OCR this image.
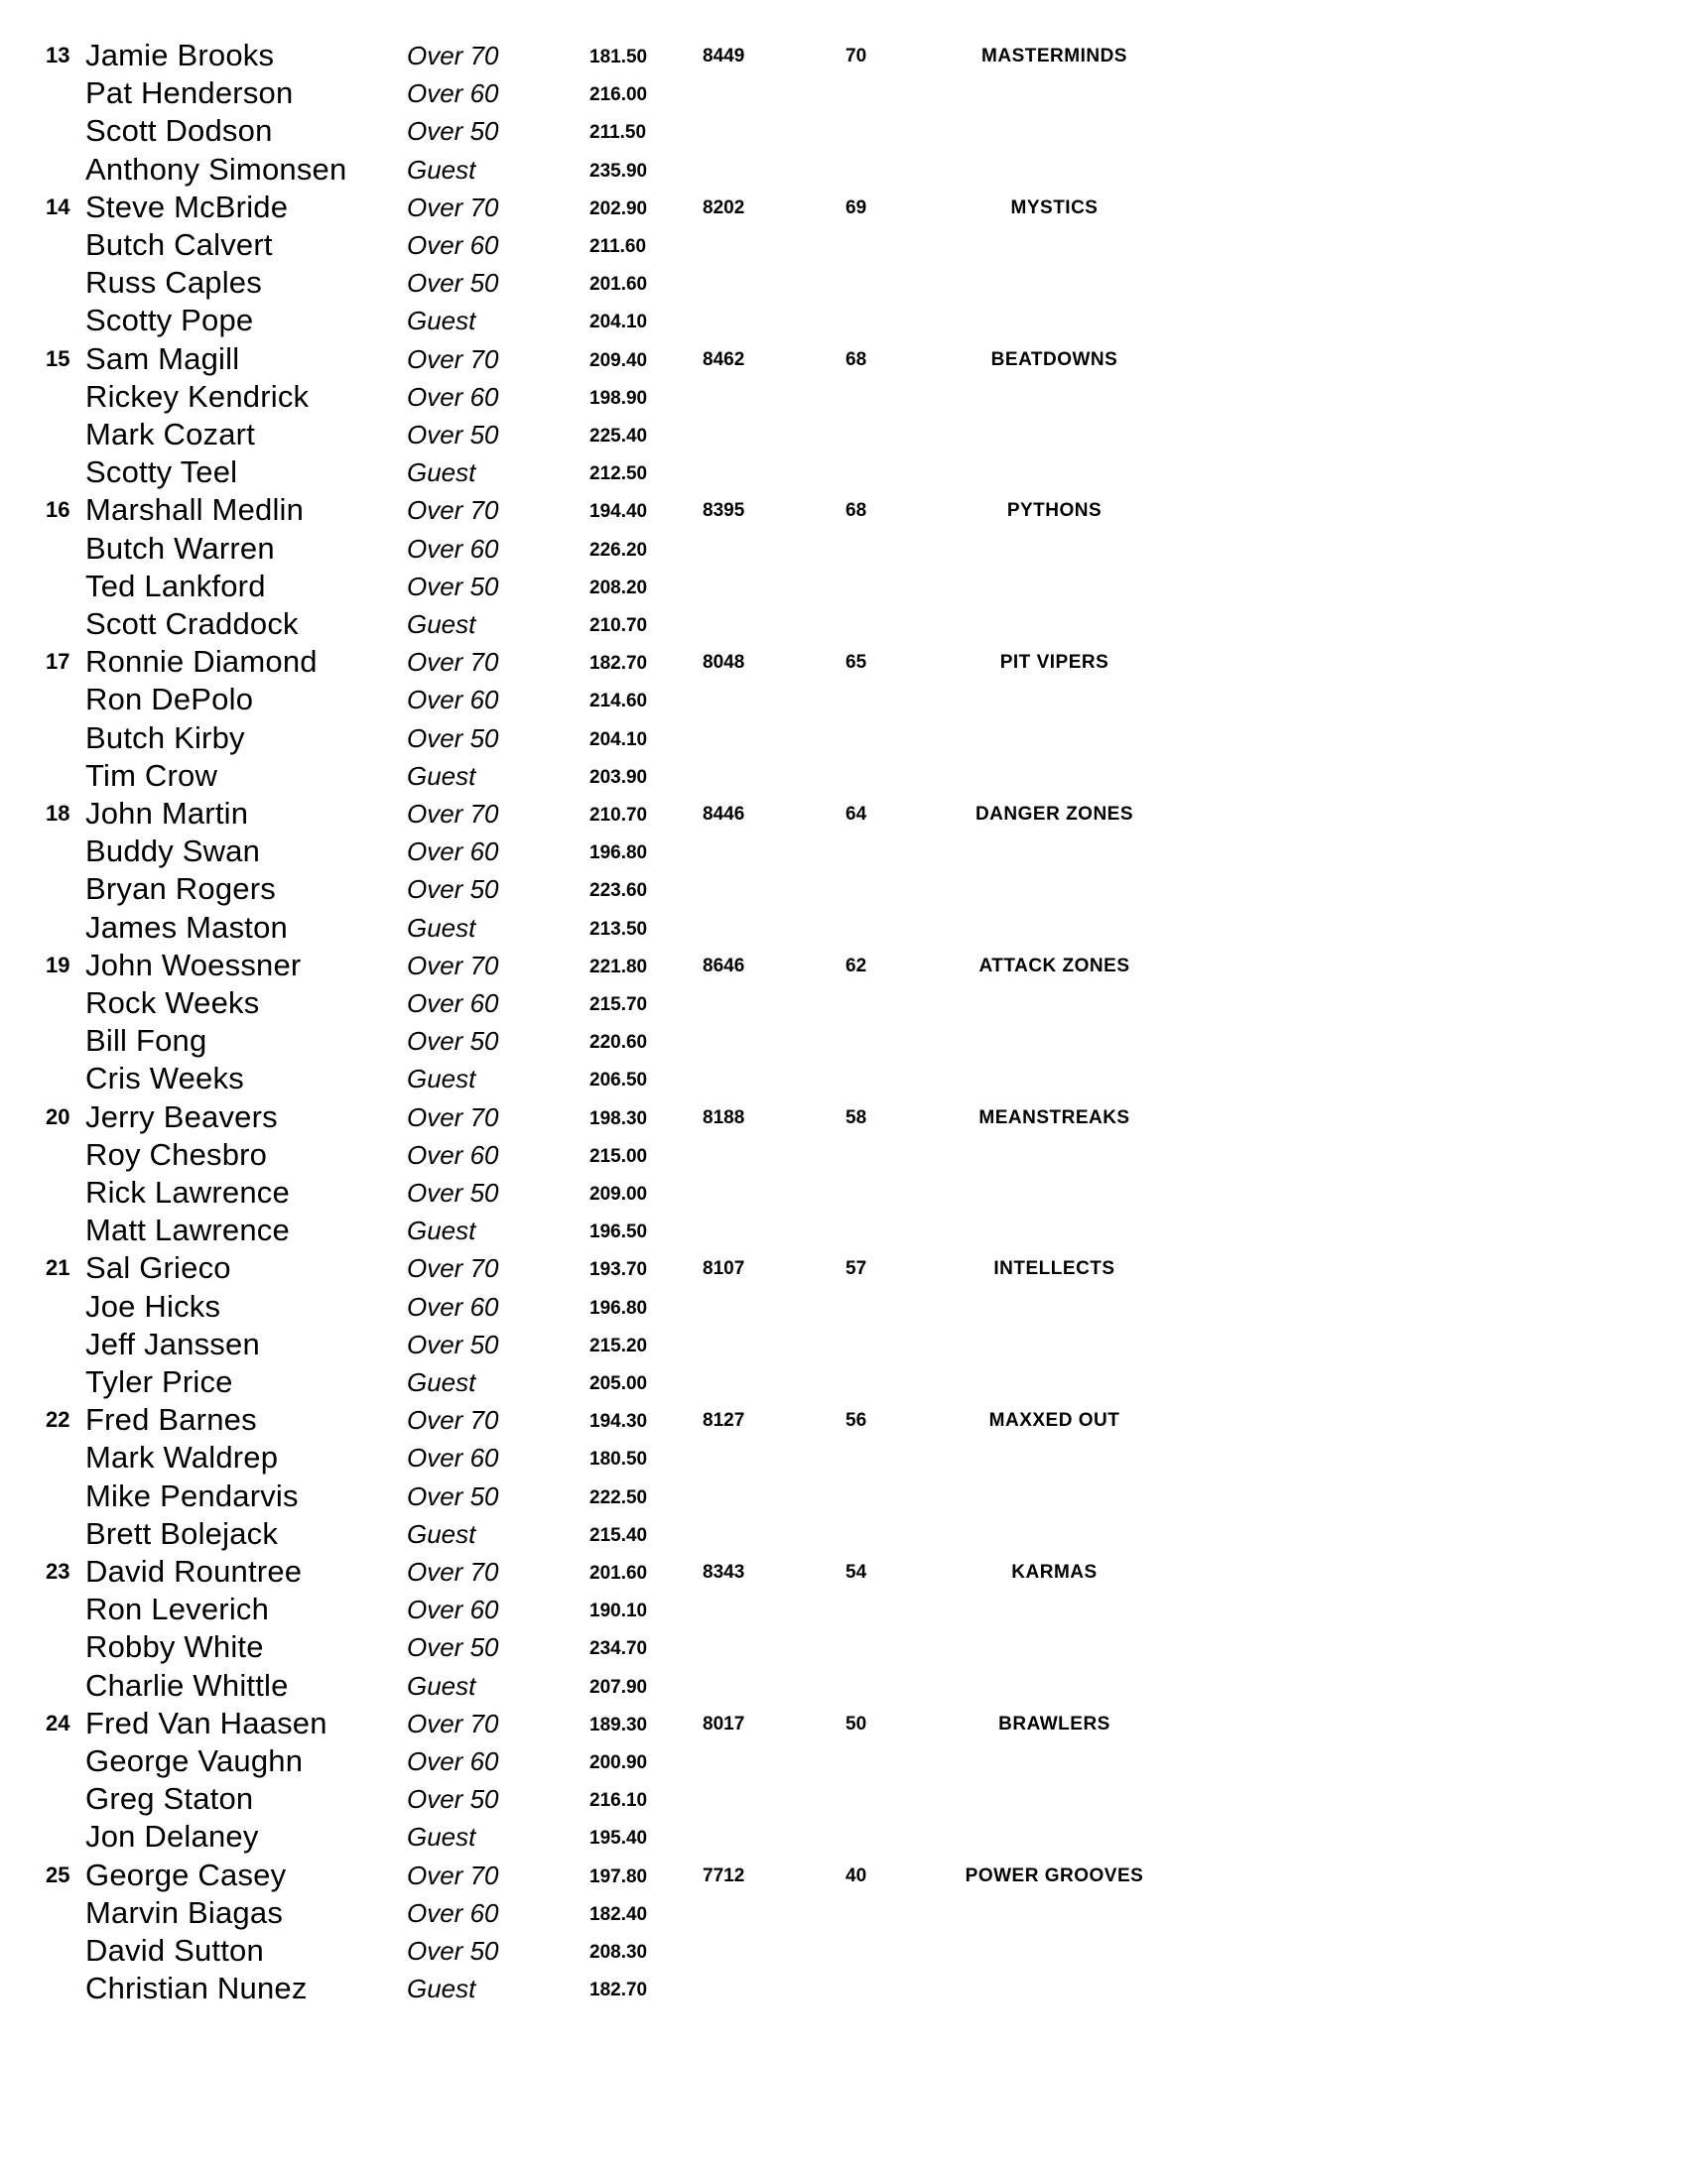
13 Jamie Brooks	Over 70	181.50	8449	70	MASTERMINDS
Pat Henderson	Over 60	216.00
Scott Dodson	Over 50	211.50
Anthony Simonsen Guest	235.90
14 Steve McBride	Over 70	202.90	8202	69	MYSTICS
Butch Calvert	Over 60	211.60
Russ Caples	Over 50	201.60
Scotty Pope	Guest	204.10
15 Sam Magill	Over 70	209.40	8462	68	BEATDOWNS
Rickey Kendrick	Over 60	198.90
Mark Cozart	Over 50	225.40
Scotty Teel	Guest	212.50
16 Marshall Medlin	Over 70	194.40	8395	68	PYTHONS
Butch Warren	Over 60	226.20
Ted Lankford	Over 50	208.20
Scott Craddock	Guest	210.70
17 Ronnie Diamond	Over 70	182.70	8048	65	PIT VIPERS
Ron DePolo	Over 60	214.60
Butch Kirby	Over 50	204.10
Tim Crow	Guest	203.90
18 John Martin	Over 70	210.70	8446	64	DANGER ZONES
Buddy Swan	Over 60	196.80
Bryan Rogers	Over 50	223.60
James Maston	Guest	213.50
19 John Woessner	Over 70	221.80	8646	62	ATTACK ZONES
Rock Weeks	Over 60	215.70
Bill Fong	Over 50	220.60
Cris Weeks	Guest	206.50
20 Jerry Beavers	Over 70	198.30	8188	58	MEANSTREAKS
Roy Chesbro	Over 60	215.00
Rick Lawrence	Over 50	209.00
Matt Lawrence	Guest	196.50
21 Sal Grieco	Over 70	193.70	8107	57	INTELLECTS
Joe Hicks	Over 60	196.80
Jeff Janssen	Over 50	215.20
Tyler Price	Guest	205.00
22 Fred Barnes	Over 70	194.30	8127	56	MAXXED OUT
Mark Waldrep	Over 60	180.50
Mike Pendarvis	Over 50	222.50
Brett Bolejack	Guest	215.40
23 David Rountree	Over 70	201.60	8343	54	KARMAS
Ron Leverich	Over 60	190.10
Robby White	Over 50	234.70
Charlie Whittle	Guest	207.90
24 Fred Van Haasen	Over 70	189.30	8017	50	BRAWLERS
George Vaughn	Over 60	200.90
Greg Staton	Over 50	216.10
Jon Delaney	Guest	195.40
25 George Casey	Over 70	197.80	7712	40	POWER GROOVES
Marvin Biagas	Over 60	182.40
David Sutton	Over 50	208.30
Christian Nunez	Guest	182.70
